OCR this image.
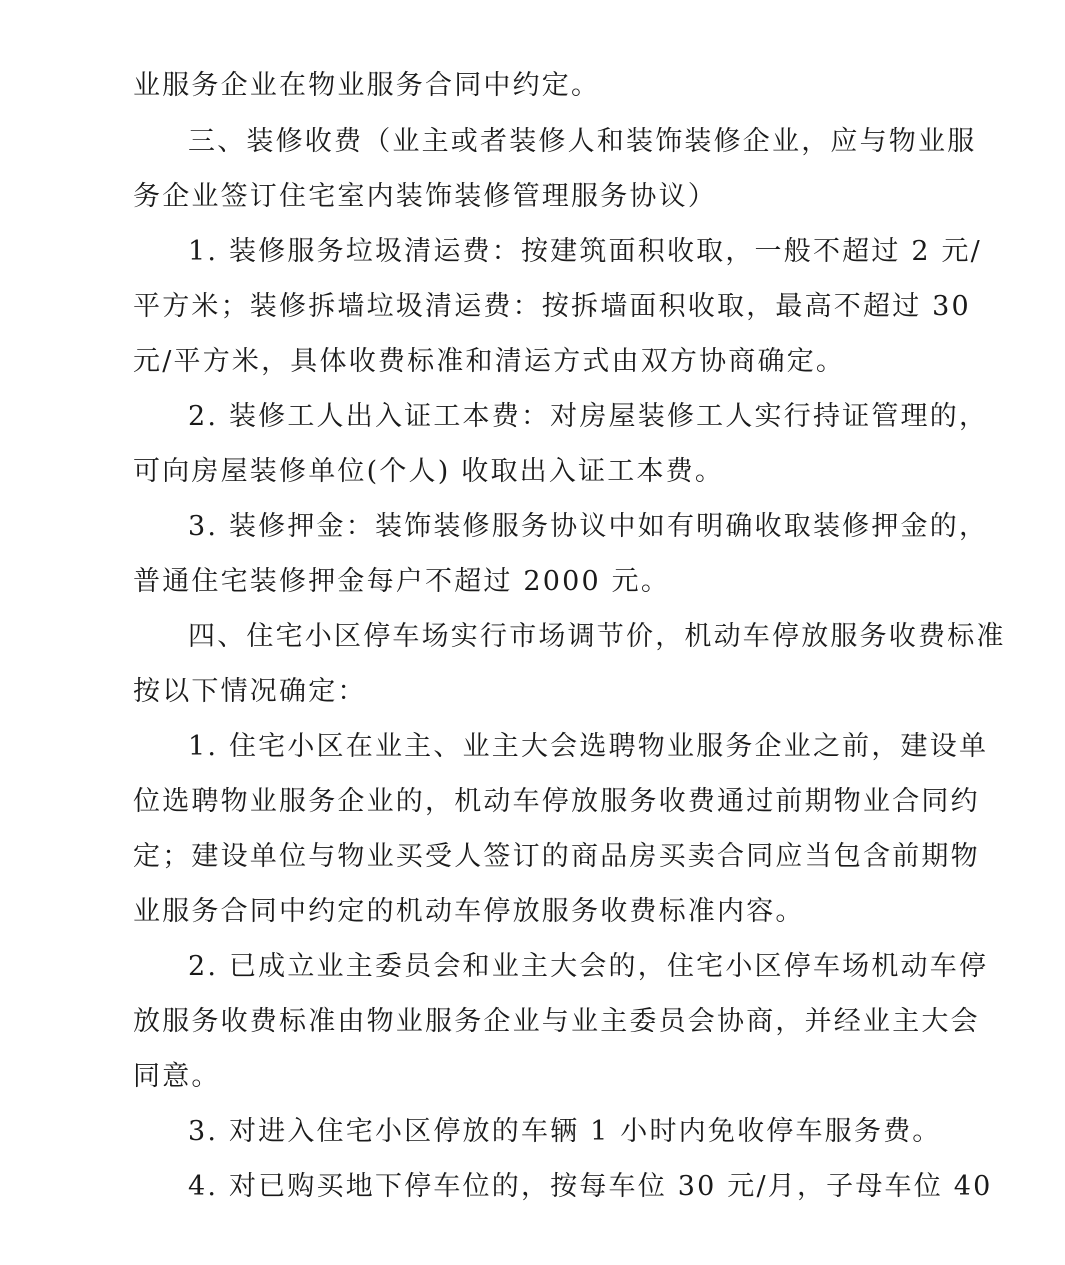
业服务企业在物业服务合同中约定。
三、装修收费（业主或者装修人和装饰装修企业，应与物业服
务企业签订住宅室内装饰装修管理服务协议）
1. 装修服务垃圾清运费：按建筑面积收取，一般不超过 2 元/
平方米；装修拆墙垃圾清运费：按拆墙面积收取，最高不超过 30
元/平方米，具体收费标准和清运方式由双方协商确定。
2. 装修工人出入证工本费：对房屋装修工人实行持证管理的，
可向房屋装修单位(个人) 收取出入证工本费。
3. 装修押金：装饰装修服务协议中如有明确收取装修押金的，
普通住宅装修押金每户不超过 2000 元。
四、住宅小区停车场实行市场调节价，机动车停放服务收费标准
按以下情况确定：
1. 住宅小区在业主、业主大会选聘物业服务企业之前，建设单
位选聘物业服务企业的，机动车停放服务收费通过前期物业合同约
定；建设单位与物业买受人签订的商品房买卖合同应当包含前期物
业服务合同中约定的机动车停放服务收费标准内容。
2. 已成立业主委员会和业主大会的，住宅小区停车场机动车停
放服务收费标准由物业服务企业与业主委员会协商，并经业主大会
同意。
3. 对进入住宅小区停放的车辆 1 小时内免收停车服务费。
4. 对已购买地下停车位的，按每车位 30 元/月，子母车位 40
